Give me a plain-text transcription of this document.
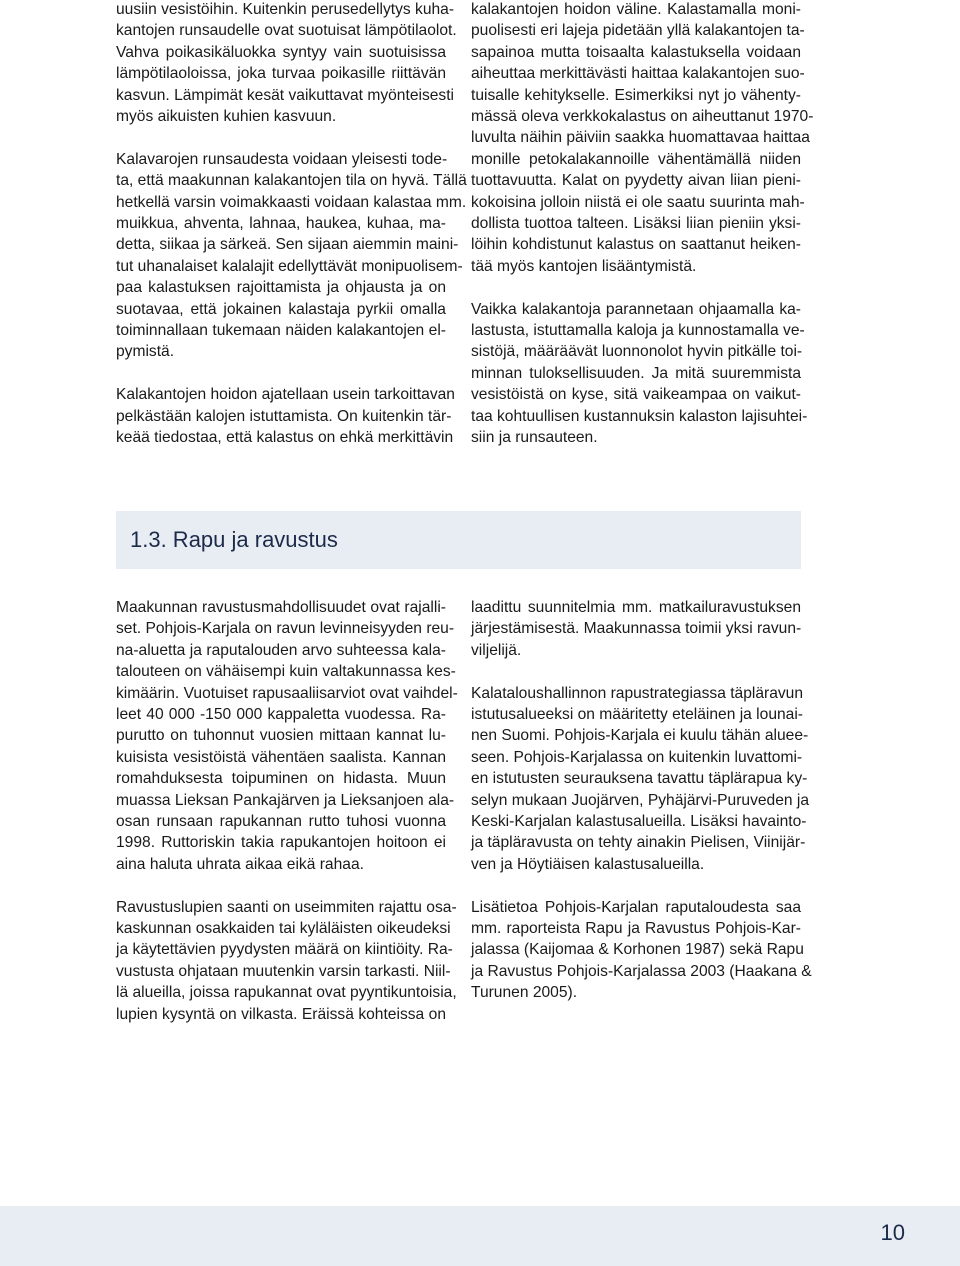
uusiin vesistöihin. Kuitenkin perusedellytys kuha-
kantojen runsaudelle ovat suotuisat lämpötilaolot.
Vahva poikasikäluokka syntyy vain suotuisissa
lämpötilaoloissa, joka turvaa poikasille riittävän
kasvun. Lämpimät kesät vaikuttavat myönteisesti
myös aikuisten kuhien kasvuun.

Kalavarojen runsaudesta voidaan yleisesti tode-
ta, että maakunnan kalakantojen tila on hyvä. Tällä
hetkellä varsin voimakkaasti voidaan kalastaa mm.
muikkua, ahventa, lahnaa, haukea, kuhaa, ma-
detta, siikaa ja särkeä. Sen sijaan aiemmin maini-
tut uhanalaiset kalalajit edellyttävät monipuolisem-
paa kalastuksen rajoittamista ja ohjausta ja on
suotavaa, että jokainen kalastaja pyrkii omalla
toiminnallaan tukemaan näiden kalakantojen el-
pymistä.

Kalakantojen hoidon ajatellaan usein tarkoittavan
pelkästään kalojen istuttamista. On kuitenkin tär-
keää tiedostaa, että kalastus on ehkä merkittävin

kalakantojen hoidon väline. Kalastamalla moni-
puolisesti eri lajeja pidetään yllä kalakantojen ta-
sapainoa mutta toisaalta kalastuksella voidaan
aiheuttaa merkittävästi haittaa kalakantojen suo-
tuisalle kehitykselle. Esimerkiksi nyt jo vähenty-
mässä oleva verkkokalastus on aiheuttanut 1970-
luvulta näihin päiviin saakka huomattavaa haittaa
monille petokalakannoille vähentämällä niiden
tuottavuutta. Kalat on pyydetty aivan liian pieni-
kokoisina jolloin niistä ei ole saatu suurinta mah-
dollista tuottoa talteen. Lisäksi liian pieniin yksi-
löihin kohdistunut kalastus on saattanut heiken-
tää myös kantojen lisääntymistä.

Vaikka kalakantoja parannetaan ohjaamalla ka-
lastusta, istuttamalla kaloja ja kunnostamalla ve-
sistöjä, määräävät luonnonolot hyvin pitkälle toi-
minnan tuloksellisuuden. Ja mitä suuremmista
vesistöistä on kyse, sitä vaikeampaa on vaikut-
taa kohtuullisen kustannuksin kalaston lajisuhtei-
siin ja runsauteen.

1.3. Rapu ja ravustus

Maakunnan ravustusmahdollisuudet ovat rajalli-
set. Pohjois-Karjala on ravun levinneisyyden reu-
na-aluetta ja raputalouden arvo suhteessa kala-
talouteen on vähäisempi kuin valtakunnassa kes-
kimäärin. Vuotuiset rapusaaliisarviot ovat vaihdel-
leet 40 000 -150 000 kappaletta vuodessa. Ra-
purutto on tuhonnut vuosien mittaan kannat lu-
kuisista vesistöistä vähentäen saalista. Kannan
romahduksesta toipuminen on hidasta. Muun
muassa Lieksan Pankajärven ja Lieksanjoen ala-
osan runsaan rapukannan rutto tuhosi vuonna
1998. Ruttoriskin takia rapukantojen hoitoon ei
aina haluta uhrata aikaa eikä rahaa.

Ravustuslupien saanti on useimmiten rajattu osa-
kaskunnan osakkaiden tai kyläläisten oikeudeksi
ja käytettävien pyydysten määrä on kiintiöity. Ra-
vustusta ohjataan muutenkin varsin tarkasti. Niil-
lä alueilla, joissa rapukannat ovat pyyntikuntoisia,
lupien kysyntä on vilkasta. Eräissä kohteissa on

laadittu suunnitelmia mm. matkailuravustuksen
järjestämisestä. Maakunnassa toimii yksi ravun-
viljelijä.

Kalataloushallinnon rapustrategiassa täpläravun
istutusalueeksi on määritetty eteläinen ja lounai-
nen Suomi. Pohjois-Karjala ei kuulu tähän aluee-
seen. Pohjois-Karjalassa on kuitenkin luvattomi-
en istutusten seurauksena tavattu täplärapua ky-
selyn mukaan Juojärven, Pyhäjärvi-Puruveden ja
Keski-Karjalan kalastusalueilla. Lisäksi havainto-
ja täpläravusta on tehty ainakin Pielisen, Viinijär-
ven ja Höytiäisen kalastusalueilla.

Lisätietoa Pohjois-Karjalan raputaloudesta saa
mm. raporteista Rapu ja Ravustus Pohjois-Kar-
jalassa (Kaijomaa & Korhonen 1987) sekä Rapu
ja Ravustus Pohjois-Karjalassa 2003 (Haakana &
Turunen 2005).

10
